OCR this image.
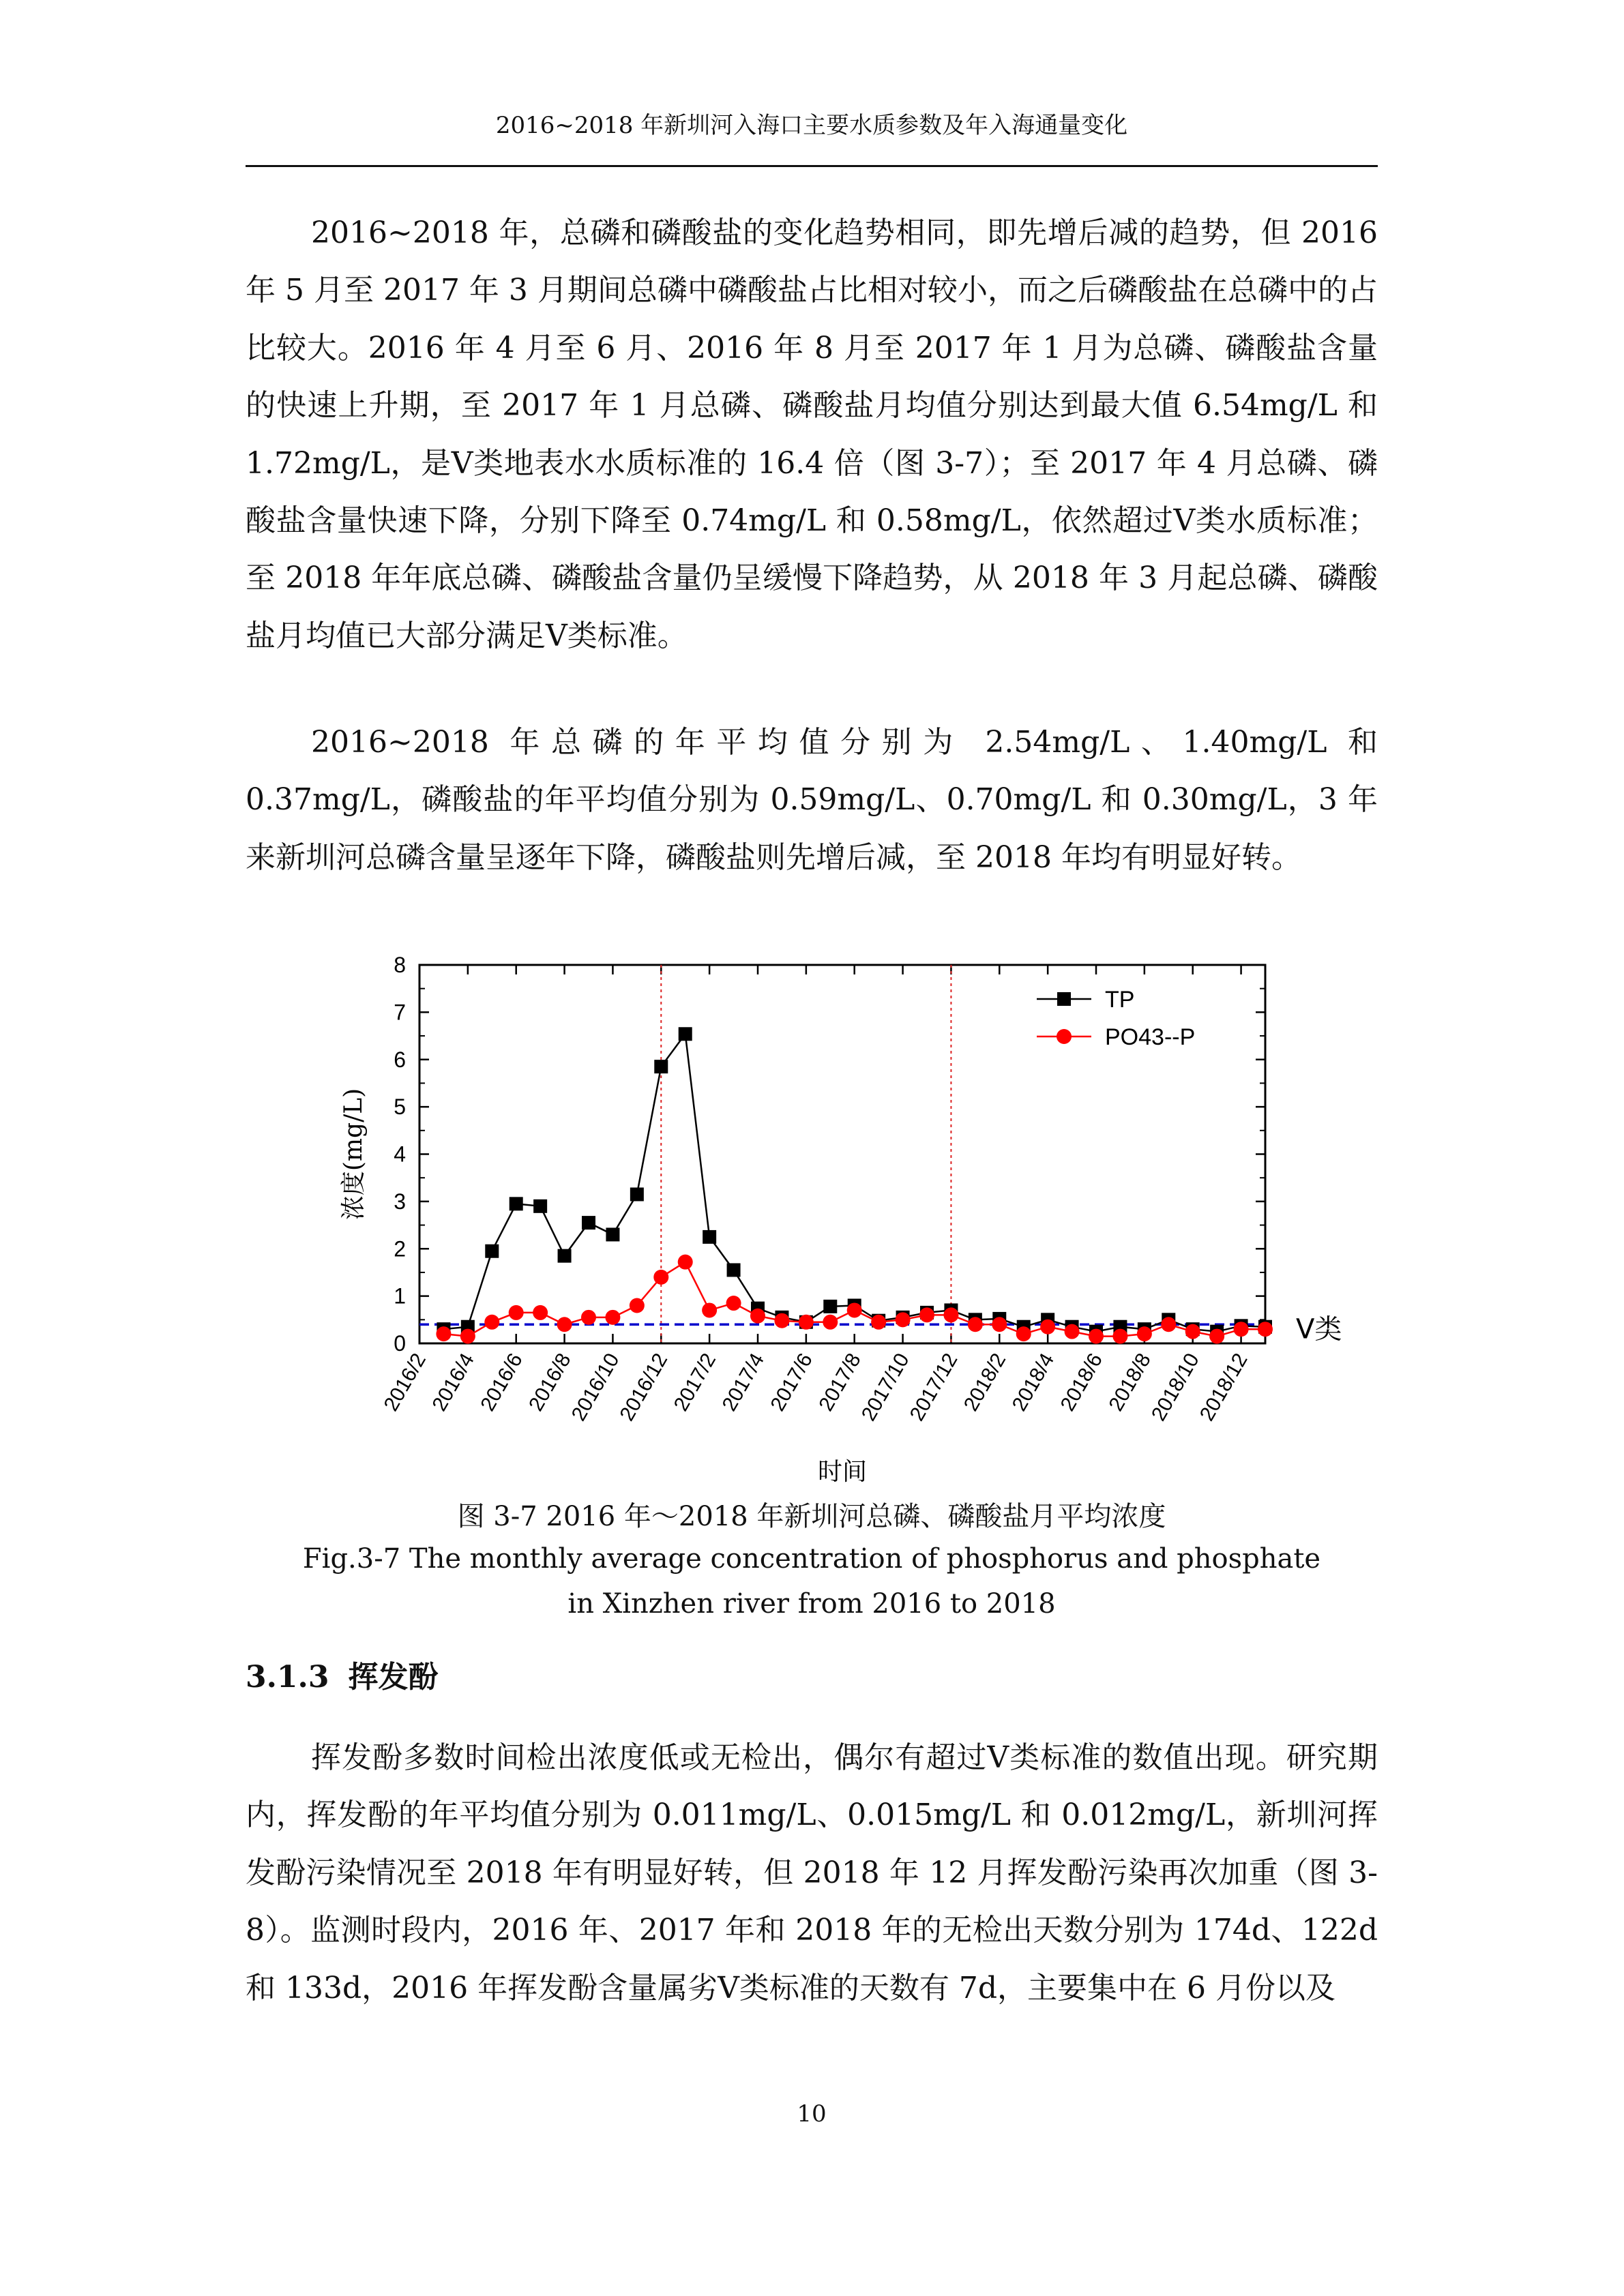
2016~2018 年新圳河入海口主要水质参数及年入海通量变化

2016~2018 年，总磷和磷酸盐的变化趋势相同，即先增后减的趋势，但 2016 年 5 月至 2017 年 3 月期间总磷中磷酸盐占比相对较小，而之后磷酸盐在总磷中的占比较大。2016 年 4 月至 6 月、2016 年 8 月至 2017 年 1 月为总磷、磷酸盐含量的快速上升期，至 2017 年 1 月总磷、磷酸盐月均值分别达到最大值 6.54mg/L 和 1.72mg/L，是Ⅴ类地表水水质标准的 16.4 倍（图 3-7）；至 2017 年 4 月总磷、磷酸盐含量快速下降，分别下降至 0.74mg/L 和 0.58mg/L，依然超过Ⅴ类水质标准；至 2018 年年底总磷、磷酸盐含量仍呈缓慢下降趋势，从 2018 年 3 月起总磷、磷酸盐月均值已大部分满足Ⅴ类标准。

2016~2018 年总磷的年平均值分别为 2.54mg/L、1.40mg/L 和 0.37mg/L，磷酸盐的年平均值分别为 0.59mg/L、0.70mg/L 和 0.30mg/L，3 年来新圳河总磷含量呈逐年下降，磷酸盐则先增后减，至 2018 年均有明显好转。

0
1
2
3
4
5
6
7
8
2016/2
2016/4
2016/6
2016/8
2016/10
2016/12
2017/2
2017/4
2017/6
2017/8
2017/10
2017/12
2018/2
2018/4
2018/6
2018/8
2018/10
2018/12
时间
浓度(mg/L)
Ⅴ类
TP
PO43--P
图 3-7 2016 年～2018 年新圳河总磷、磷酸盐月平均浓度
Fig.3-7 The monthly average concentration of phosphorus and phosphate
in Xinzhen river from 2016 to 2018
3.1.3 挥发酚

挥发酚多数时间检出浓度低或无检出，偶尔有超过Ⅴ类标准的数值出现。研究期内，挥发酚的年平均值分别为 0.011mg/L、0.015mg/L 和 0.012mg/L，新圳河挥发酚污染情况至 2018 年有明显好转，但 2018 年 12 月挥发酚污染再次加重（图 3-8）。监测时段内，2016 年、2017 年和 2018 年的无检出天数分别为 174d、122d 和 133d，2016 年挥发酚含量属劣Ⅴ类标准的天数有 7d，主要集中在 6 月份以及

10
